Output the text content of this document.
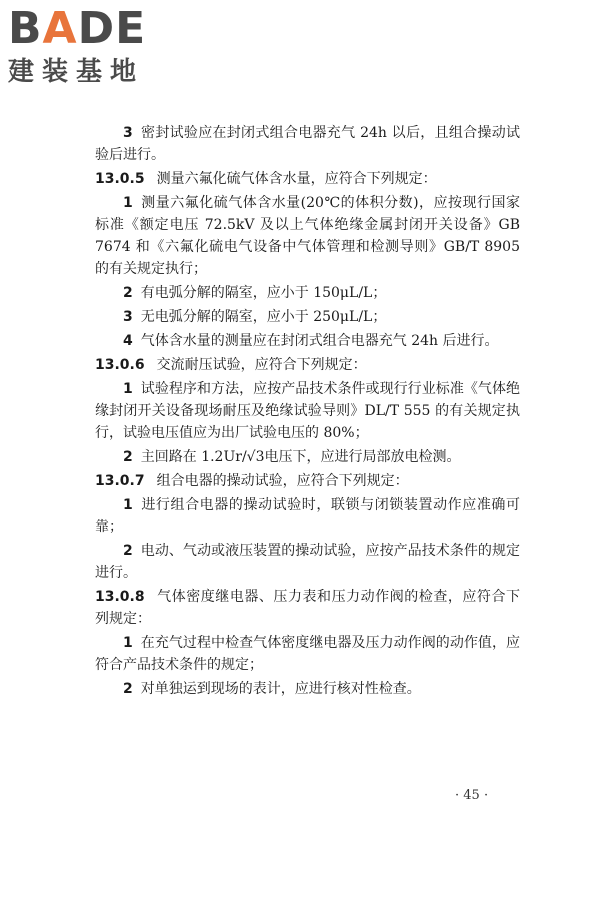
BADE
建装基地

3 密封试验应在封闭式组合电器充气 24h 以后，且组合操动试验后进行。

13.0.5 测量六氟化硫气体含水量，应符合下列规定：

1 测量六氟化硫气体含水量(20℃的体积分数)，应按现行国家标准《额定电压 72.5kV 及以上气体绝缘金属封闭开关设备》GB 7674 和《六氟化硫电气设备中气体管理和检测导则》GB/T 8905 的有关规定执行；

2 有电弧分解的隔室，应小于 150μL/L；

3 无电弧分解的隔室，应小于 250μL/L；

4 气体含水量的测量应在封闭式组合电器充气 24h 后进行。

13.0.6 交流耐压试验，应符合下列规定：

1 试验程序和方法，应按产品技术条件或现行行业标准《气体绝缘封闭开关设备现场耐压及绝缘试验导则》DL/T 555 的有关规定执行，试验电压值应为出厂试验电压的 80%；

2 主回路在 1.2Ur/√3电压下，应进行局部放电检测。

13.0.7 组合电器的操动试验，应符合下列规定：

1 进行组合电器的操动试验时，联锁与闭锁装置动作应准确可靠；

2 电动、气动或液压装置的操动试验，应按产品技术条件的规定进行。

13.0.8 气体密度继电器、压力表和压力动作阀的检查，应符合下列规定：

1 在充气过程中检查气体密度继电器及压力动作阀的动作值，应符合产品技术条件的规定；

2 对单独运到现场的表计，应进行核对性检查。

· 45 ·
